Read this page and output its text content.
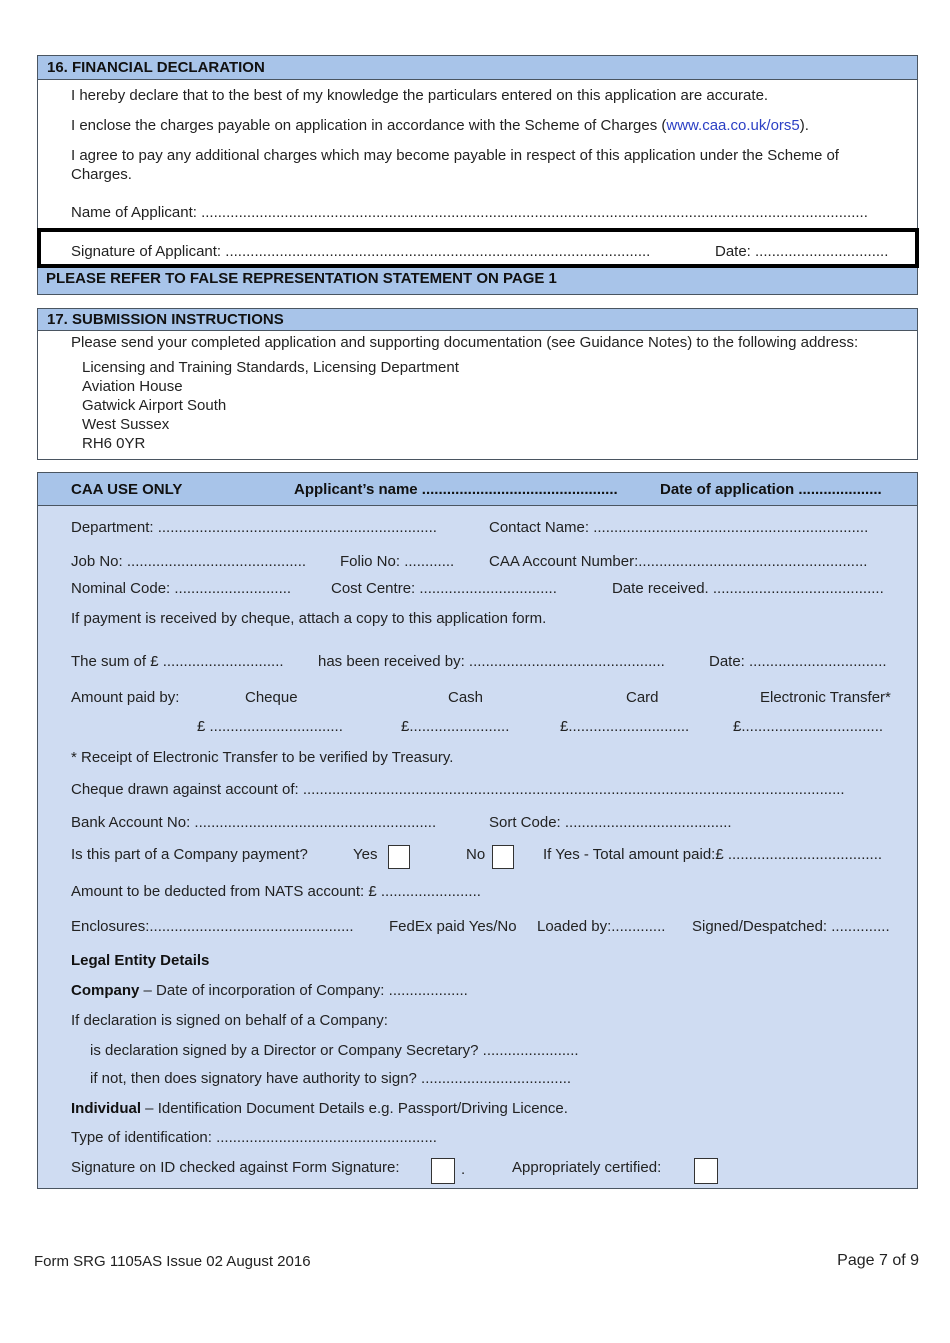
16. FINANCIAL DECLARATION
I hereby declare that to the best of my knowledge the particulars entered on this application are accurate.
I enclose the charges payable on application in accordance with the Scheme of Charges (www.caa.co.uk/ors5).
I agree to pay any additional charges which may become payable in respect of this application under the Scheme of
Charges.
Name of Applicant: ................................................................................................................................................................
Signature of Applicant: ......................................................................................................	Date: ................................
PLEASE REFER TO FALSE REPRESENTATION STATEMENT ON PAGE 1
17. SUBMISSION INSTRUCTIONS
Please send your completed application and supporting documentation (see Guidance Notes) to the following address:
Licensing and Training Standards, Licensing Department
Aviation House
Gatwick Airport South
West Sussex
RH6 0YR
CAA USE ONLY	Applicant’s name ...............................................	Date of application ....................
Department: ...................................................................	Contact Name: ..................................................................
Job No: ...........................................	Folio No: ............	CAA Account Number:.......................................................
Nominal Code: ............................	Cost Centre: .................................	Date received. .........................................
If payment is received by cheque, attach a copy to this application form.
The sum of £ .............................	has been received by: ...............................................	Date: .................................
Amount paid by:	Cheque	Cash	Card	Electronic Transfer*
£ ................................	£........................	£.............................	£..................................
* Receipt of Electronic Transfer to be verified by Treasury.
Cheque drawn against account of: ..................................................................................................................................
Bank Account No: ..........................................................	Sort Code: ........................................
Is this part of a Company payment?	Yes	No	If Yes - Total amount paid:£ .....................................
Amount to be deducted from NATS account: £ ........................
Enclosures:.................................................	FedEx paid Yes/No Loaded by:.............	Signed/Despatched: ..............
Legal Entity Details
Company – Date of incorporation of Company: ...................
If declaration is signed on behalf of a Company:
is declaration signed by a Director or Company Secretary? .......................
if not, then does signatory have authority to sign? ....................................
Individual – Identification Document Details e.g. Passport/Driving Licence.
Type of identification: .....................................................
Signature on ID checked against Form Signature:	.	Appropriately certified:
Form SRG 1105AS Issue 02 August 2016	Page 7 of 9
